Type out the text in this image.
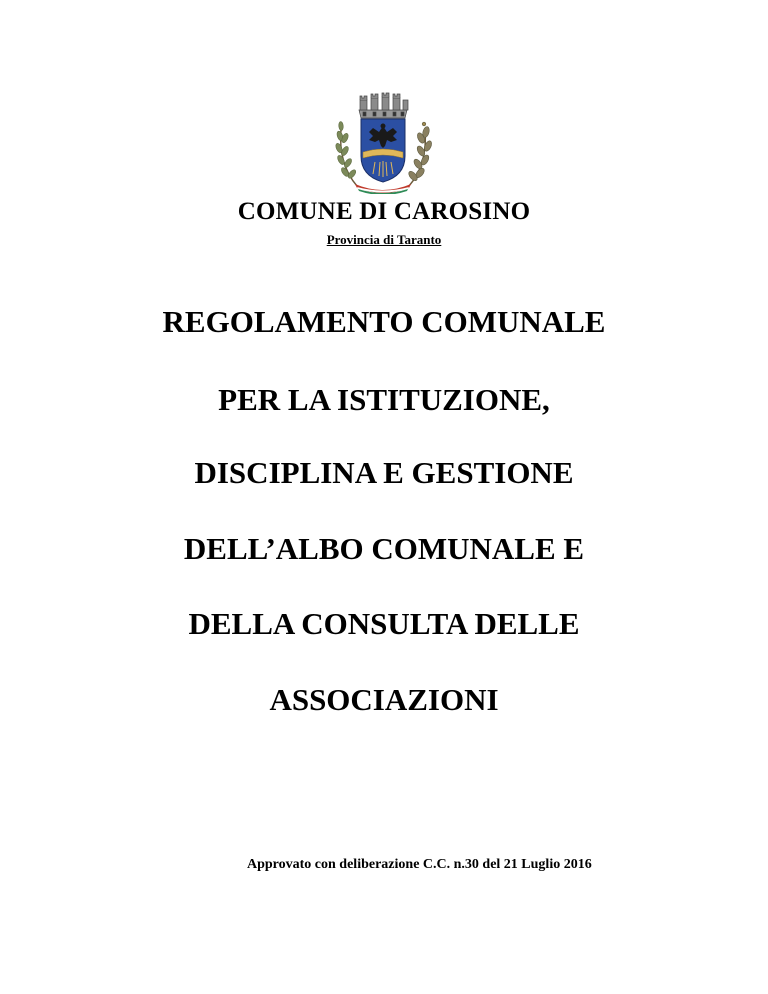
COMUNE DI CAROSINO
Provincia di Taranto
REGOLAMENTO COMUNALE
PER LA ISTITUZIONE,
DISCIPLINA E GESTIONE
DELL’ALBO COMUNALE E
DELLA CONSULTA DELLE
ASSOCIAZIONI
Approvato con deliberazione C.C. n.30 del 21 Luglio 2016
